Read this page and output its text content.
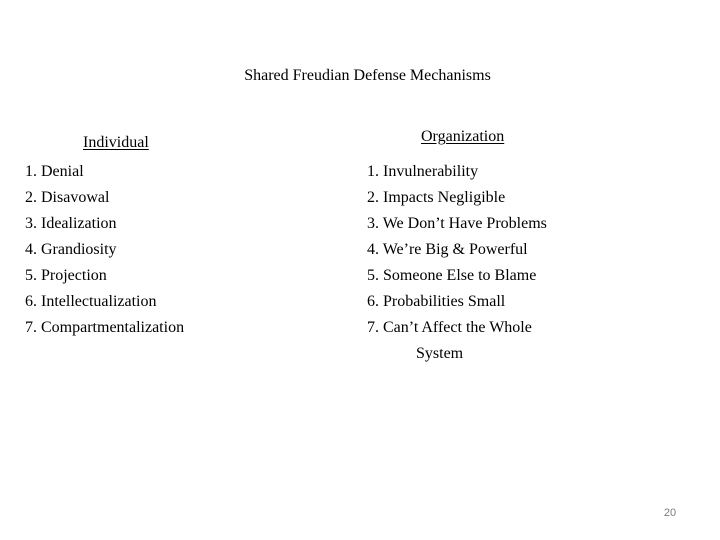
Shared Freudian Defense Mechanisms
Individual
1. Denial
2. Disavowal
3. Idealization
4. Grandiosity
5. Projection
6. Intellectualization
7. Compartmentalization
Organization
1. Invulnerability
2. Impacts Negligible
3. We Don’t Have Problems
4. We’re Big & Powerful
5. Someone Else to Blame
6. Probabilities Small
7. Can’t Affect the Whole
System
20
